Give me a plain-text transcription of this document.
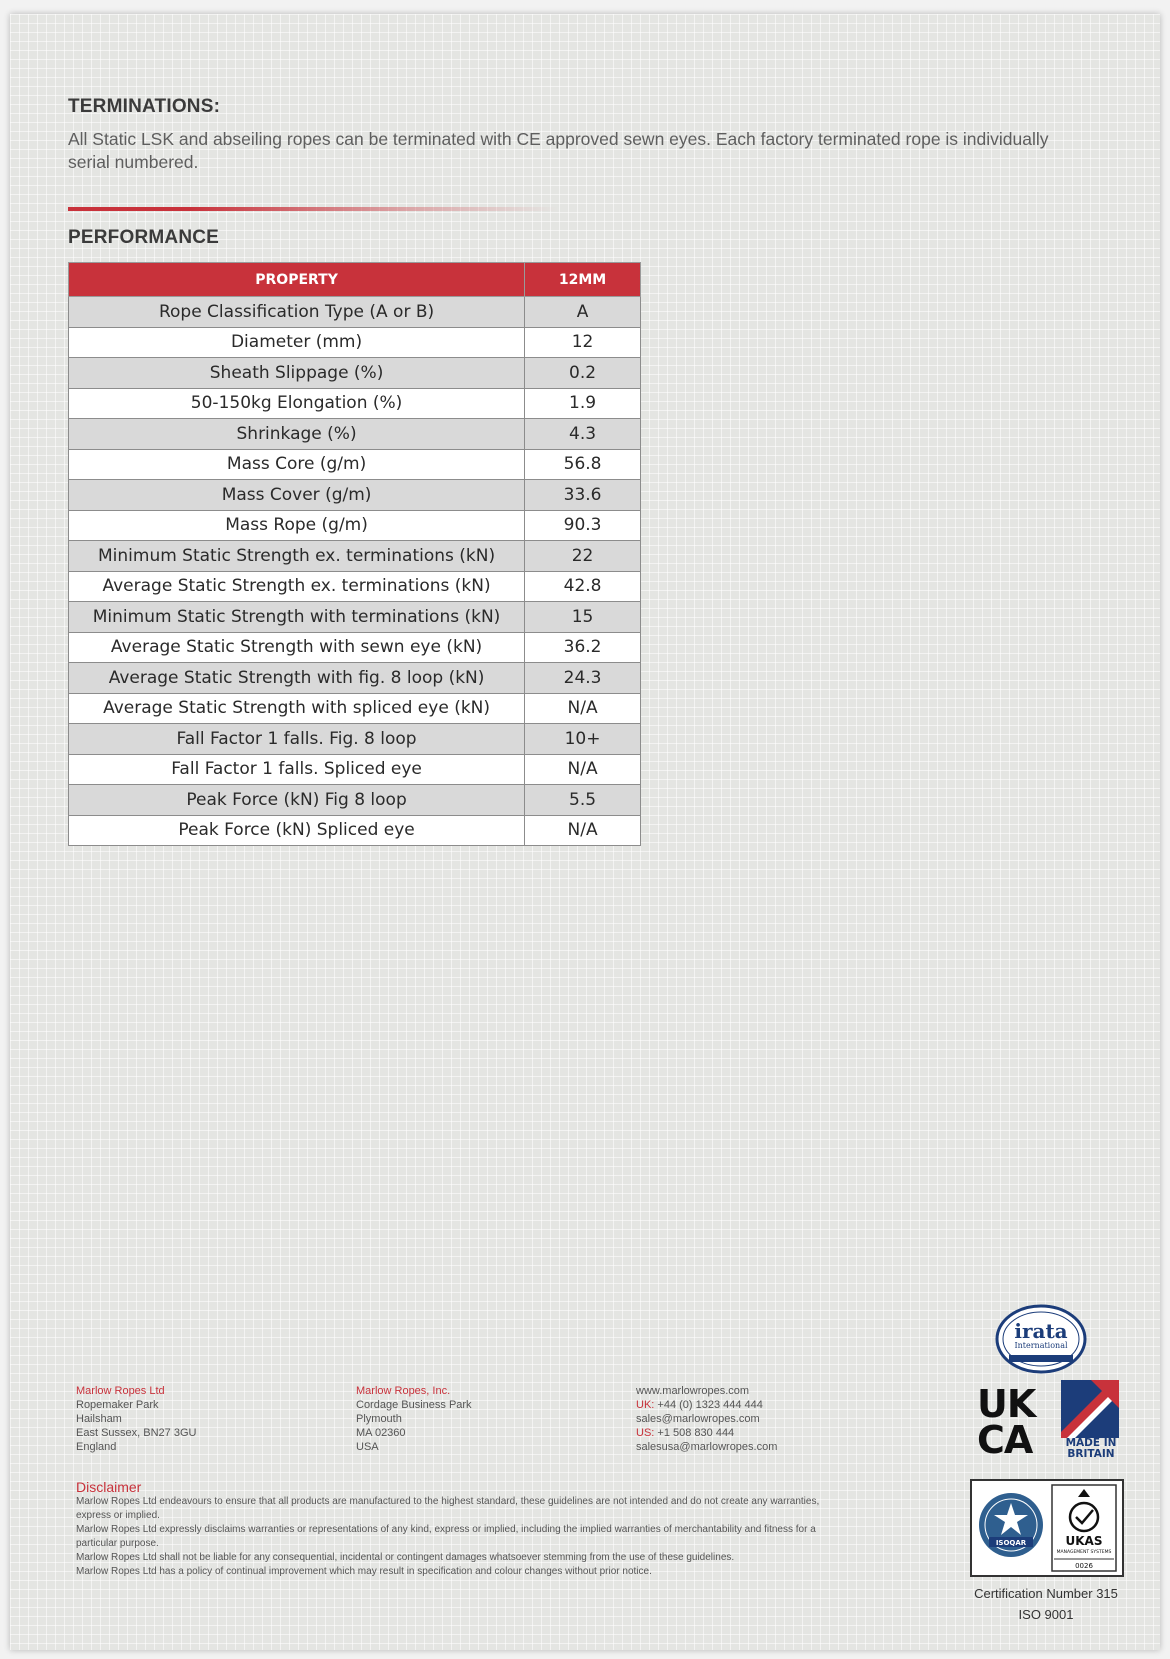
TERMINATIONS:
All Static LSK and abseiling ropes can be terminated with CE approved sewn eyes. Each factory terminated rope is individually serial numbered.
PERFORMANCE
PROPERTY	12MM
Rope Classification Type (A or B)	A
Diameter (mm)	12
Sheath Slippage (%)	0.2
50-150kg Elongation (%)	1.9
Shrinkage (%)	4.3
Mass Core (g/m)	56.8
Mass Cover (g/m)	33.6
Mass Rope (g/m)	90.3
Minimum Static Strength ex. terminations (kN)	22
Average Static Strength ex. terminations (kN)	42.8
Minimum Static Strength with terminations (kN)	15
Average Static Strength with sewn eye (kN)	36.2
Average Static Strength with fig. 8 loop (kN)	24.3
Average Static Strength with spliced eye (kN)	N/A
Fall Factor 1 falls. Fig. 8 loop	10+
Fall Factor 1 falls. Spliced eye	N/A
Peak Force (kN) Fig 8 loop	5.5
Peak Force (kN) Spliced eye	N/A
Marlow Ropes Ltd
Ropemaker Park
Hailsham
East Sussex, BN27 3GU
England
Marlow Ropes, Inc.
Cordage Business Park
Plymouth
MA 02360
USA
www.marlowropes.com
UK: +44 (0) 1323 444 444
sales@marlowropes.com
US: +1 508 830 444
salesusa@marlowropes.com
Disclaimer
Marlow Ropes Ltd endeavours to ensure that all products are manufactured to the highest standard, these guidelines are not intended and do not create any warranties, express or implied.
Marlow Ropes Ltd expressly disclaims warranties or representations of any kind, express or implied, including the implied warranties of merchantability and fitness for a particular purpose.
Marlow Ropes Ltd shall not be liable for any consequential, incidental or contingent damages whatsoever stemming from the use of these guidelines.
Marlow Ropes Ltd has a policy of continual improvement which may result in specification and colour changes without prior notice.
irata
International
UK
CA	MADE IN
BRITAIN
ISOQAR	UKAS
MANAGEMENT SYSTEMS
0026
Certification Number 315
ISO 9001
